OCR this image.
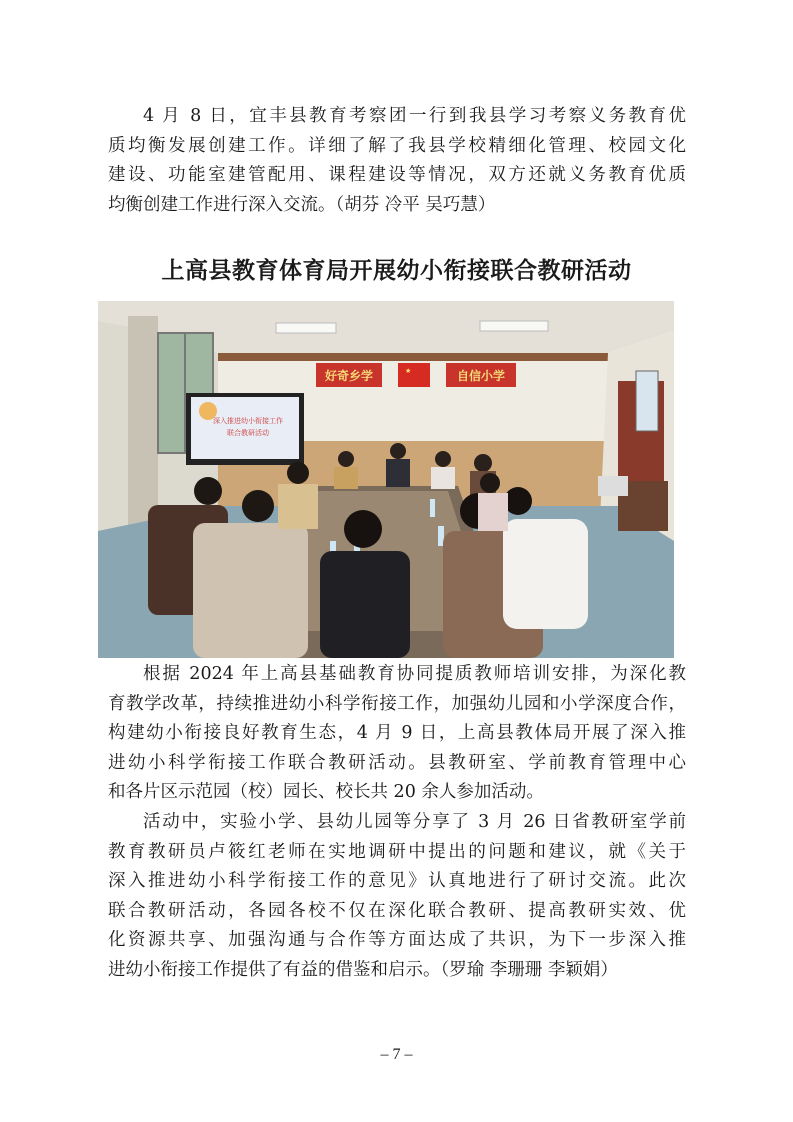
4 月 8 日，宜丰县教育考察团一行到我县学习考察义务教育优
质均衡发展创建工作。详细了解了我县学校精细化管理、校园文化
建设、功能室建管配用、课程建设等情况，双方还就义务教育优质
均衡创建工作进行深入交流。（胡芬 冷平 吴巧慧）
上高县教育体育局开展幼小衔接联合教研活动
好奇乡学	★	自信小学
深入推进幼小衔接工作
联合教研活动
根据 2024 年上高县基础教育协同提质教师培训安排，为深化教
育教学改革，持续推进幼小科学衔接工作，加强幼儿园和小学深度合作，
构建幼小衔接良好教育生态，4 月 9 日，上高县教体局开展了深入推
进幼小科学衔接工作联合教研活动。县教研室、学前教育管理中心
和各片区示范园（校）园长、校长共 20 余人参加活动。
活动中，实验小学、县幼儿园等分享了 3 月 26 日省教研室学前
教育教研员卢筱红老师在实地调研中提出的问题和建议，就《关于
深入推进幼小科学衔接工作的意见》认真地进行了研讨交流。此次
联合教研活动，各园各校不仅在深化联合教研、提高教研实效、优
化资源共享、加强沟通与合作等方面达成了共识，为下一步深入推
进幼小衔接工作提供了有益的借鉴和启示。（罗瑜 李珊珊 李颖娟）
– 7 –
